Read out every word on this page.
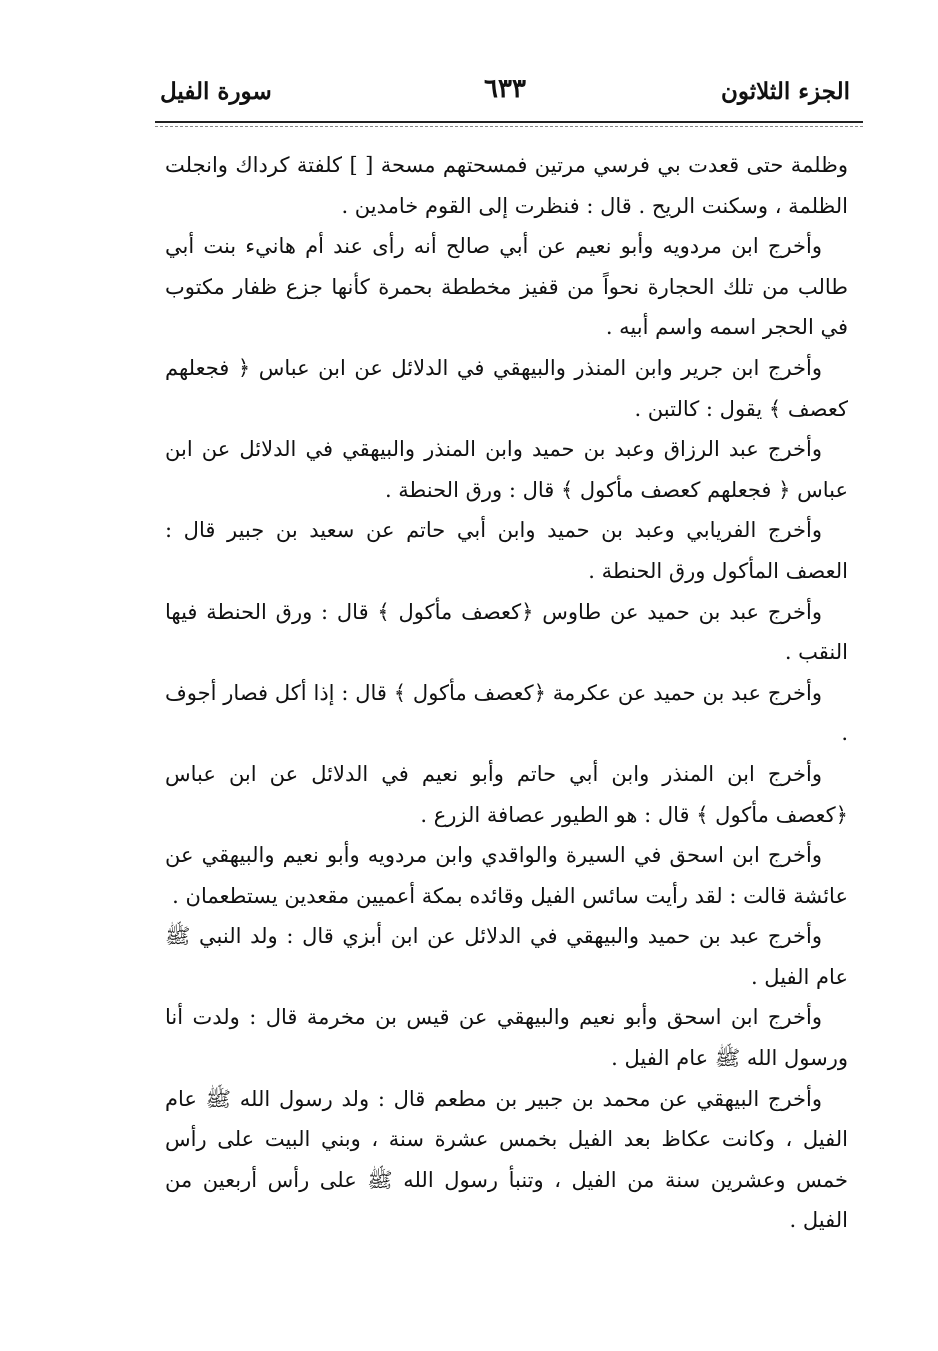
الجزء الثلاثون
٦٣٣
سورة الفيل

وظلمة حتى قعدت بي فرسي مرتين فمسحتهم مسحة [ ] كلفتة كرداك وانجلت الظلمة ، وسكنت الريح . قال : فنظرت إلى القوم خامدين .

وأخرج ابن مردويه وأبو نعيم عن أبي صالح أنه رأى عند أم هانيء بنت أبي طالب من تلك الحجارة نحواً من قفيز مخططة بحمرة كأنها جزع ظفار مكتوب في الحجر اسمه واسم أبيه .

وأخرج ابن جرير وابن المنذر والبيهقي في الدلائل عن ابن عباس ﴿ فجعلهم كعصف ﴾ يقول : كالتبن .

وأخرج عبد الرزاق وعبد بن حميد وابن المنذر والبيهقي في الدلائل عن ابن عباس ﴿ فجعلهم كعصف مأكول ﴾ قال : ورق الحنطة .

وأخرج الفريابي وعبد بن حميد وابن أبي حاتم عن سعيد بن جبير قال : العصف المأكول ورق الحنطة .

وأخرج عبد بن حميد عن طاوس ﴿كعصف مأكول ﴾ قال : ورق الحنطة فيها النقب .

وأخرج عبد بن حميد عن عكرمة ﴿كعصف مأكول ﴾ قال : إذا أكل فصار أجوف .

وأخرج ابن المنذر وابن أبي حاتم وأبو نعيم في الدلائل عن ابن عباس ﴿كعصف مأكول ﴾ قال : هو الطيور عصافة الزرع .

وأخرج ابن اسحق في السيرة والواقدي وابن مردويه وأبو نعيم والبيهقي عن عائشة قالت : لقد رأيت سائس الفيل وقائده بمكة أعميين مقعدين يستطعمان .

وأخرج عبد بن حميد والبيهقي في الدلائل عن ابن أبزي قال : ولد النبي ﷺ عام الفيل .

وأخرج ابن اسحق وأبو نعيم والبيهقي عن قيس بن مخرمة قال : ولدت أنا ورسول الله ﷺ عام الفيل .

وأخرج البيهقي عن محمد بن جبير بن مطعم قال : ولد رسول الله ﷺ عام الفيل ، وكانت عكاظ بعد الفيل بخمس عشرة سنة ، وبني البيت على رأس خمس وعشرين سنة من الفيل ، وتنبأ رسول الله ﷺ على رأس أربعين من الفيل .
